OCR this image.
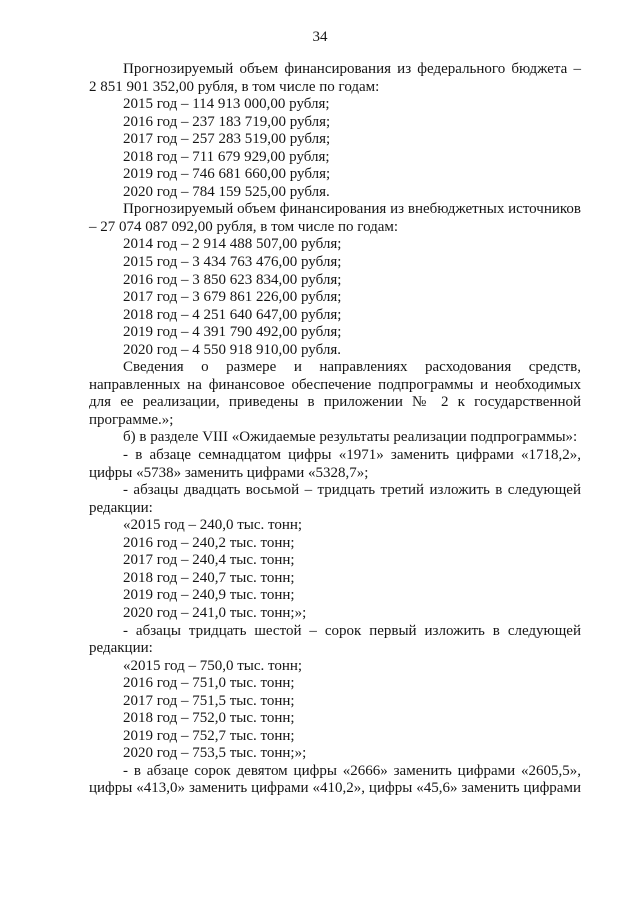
34

Прогнозируемый объем финансирования из федерального бюджета –

2 851 901 352,00 рубля, в том числе по годам:

2015 год – 114 913 000,00 рубля;

2016 год – 237 183 719,00 рубля;

2017 год – 257 283 519,00 рубля;

2018 год – 711 679 929,00 рубля;

2019 год – 746 681 660,00 рубля;

2020 год – 784 159 525,00 рубля.

Прогнозируемый объем финансирования из внебюджетных источников – 27 074 087 092,00 рубля, в том числе по годам:

2014 год – 2 914 488 507,00 рубля;

2015 год – 3 434 763 476,00 рубля;

2016 год – 3 850 623 834,00 рубля;

2017 год – 3 679 861 226,00 рубля;

2018 год – 4 251 640 647,00 рубля;

2019 год – 4 391 790 492,00 рубля;

2020 год – 4 550 918 910,00 рубля.

Сведения о размере и направлениях расходования средств, направленных на финансовое обеспечение подпрограммы и необходимых для ее реализации, приведены в приложении № 2 к государственной программе.»;

б) в разделе VIII «Ожидаемые результаты реализации подпрограммы»:

- в абзаце семнадцатом цифры «1971» заменить цифрами «1718,2», цифры «5738» заменить цифрами «5328,7»;

- абзацы двадцать восьмой – тридцать третий изложить в следующей редакции:

«2015 год – 240,0 тыс. тонн;

2016 год – 240,2 тыс. тонн;

2017 год – 240,4 тыс. тонн;

2018 год – 240,7 тыс. тонн;

2019 год – 240,9 тыс. тонн;

2020 год – 241,0 тыс. тонн;»;

- абзацы тридцать шестой – сорок первый изложить в следующей редакции:

«2015 год – 750,0 тыс. тонн;

2016 год – 751,0 тыс. тонн;

2017 год – 751,5 тыс. тонн;

2018 год – 752,0 тыс. тонн;

2019 год – 752,7 тыс. тонн;

2020 год – 753,5 тыс. тонн;»;

- в абзаце сорок девятом цифры «2666» заменить цифрами «2605,5», цифры «413,0» заменить цифрами «410,2», цифры «45,6» заменить цифрами
